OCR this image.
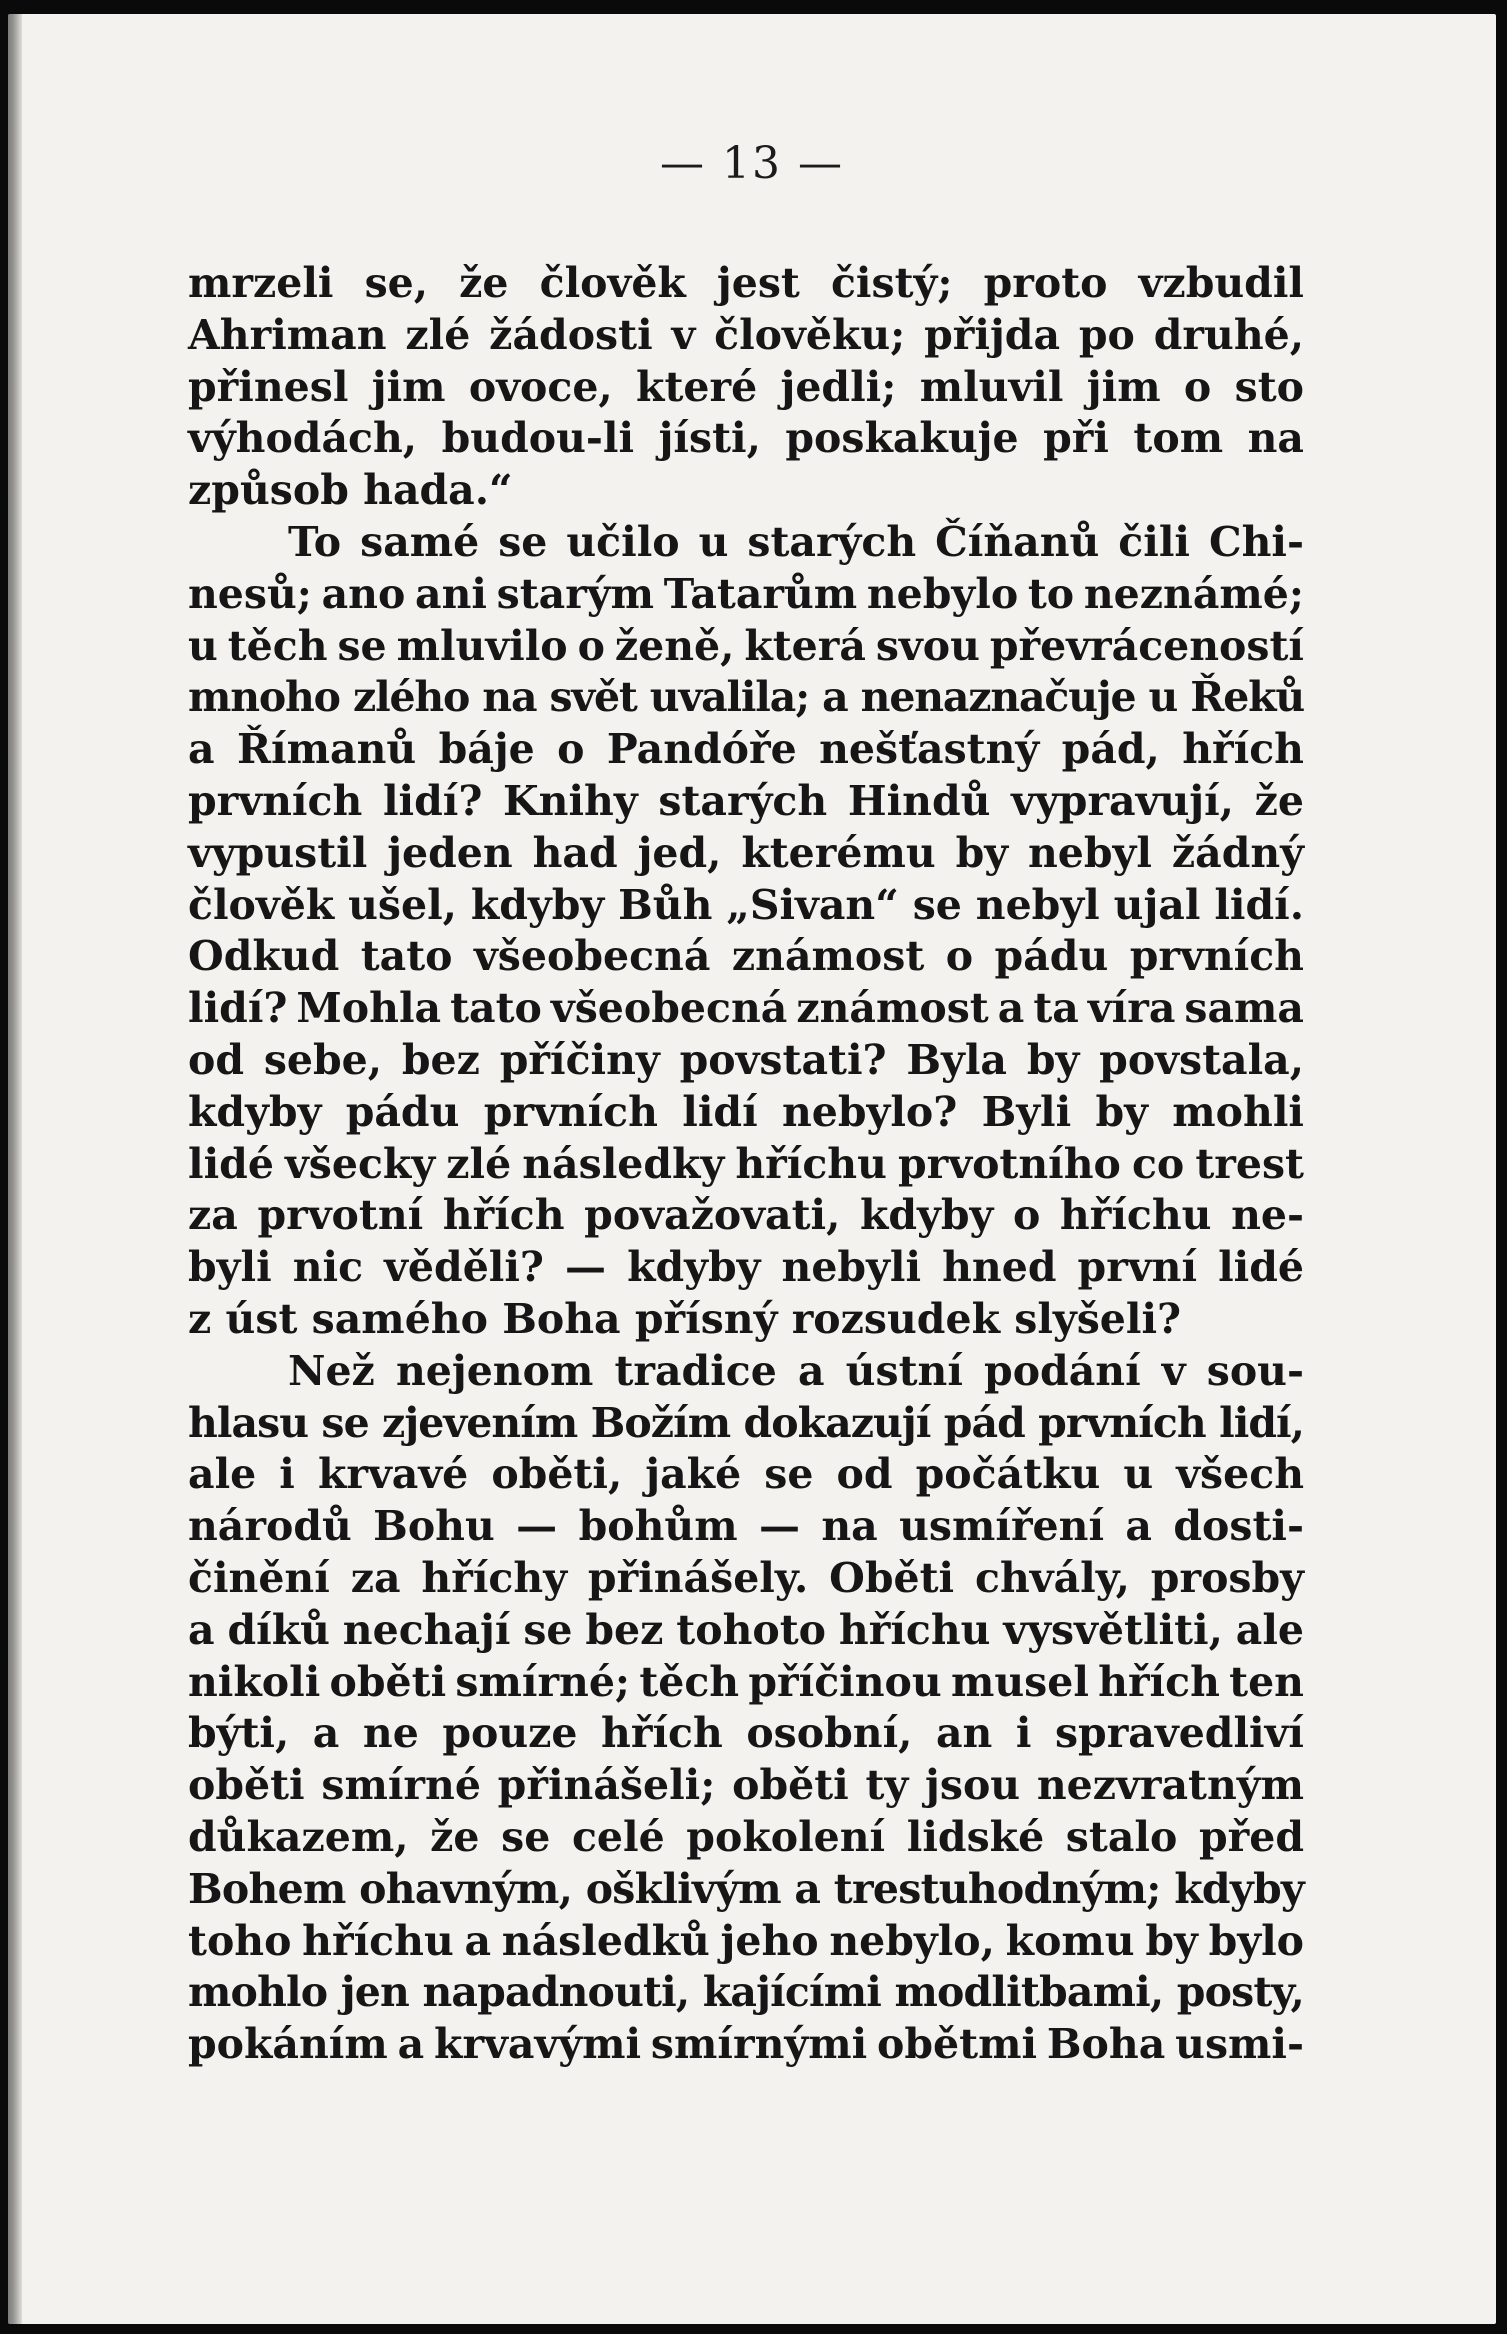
— 13 —
mrzeli se, že člověk jest čistý; proto vzbudil
Ahriman zlé žádosti v člověku; přijda po druhé,
přinesl jim ovoce, které jedli; mluvil jim o sto
výhodách, budou-li jísti, poskakuje při tom na
způsob hada.“
To samé se učilo u starých Číňanů čili Chi-
nesů; ano ani starým Tatarům nebylo to neznámé;
u těch se mluvilo o ženě, která svou převráceností
mnoho zlého na svět uvalila; a nenaznačuje u Řeků
a Římanů báje o Pandóře nešťastný pád, hřích
prvních lidí? Knihy starých Hindů vypravují, že
vypustil jeden had jed, kterému by nebyl žádný
člověk ušel, kdyby Bůh „Sivan“ se nebyl ujal lidí.
Odkud tato všeobecná známost o pádu prvních
lidí? Mohla tato všeobecná známost a ta víra sama
od sebe, bez příčiny povstati? Byla by povstala,
kdyby pádu prvních lidí nebylo? Byli by mohli
lidé všecky zlé následky hříchu prvotního co trest
za prvotní hřích považovati, kdyby o hříchu ne-
byli nic věděli? — kdyby nebyli hned první lidé
z úst samého Boha přísný rozsudek slyšeli?
Než nejenom tradice a ústní podání v sou-
hlasu se zjevením Božím dokazují pád prvních lidí,
ale i krvavé oběti, jaké se od počátku u všech
národů Bohu — bohům — na usmíření a dosti-
činění za hříchy přinášely. Oběti chvály, prosby
a díků nechají se bez tohoto hříchu vysvětliti, ale
nikoli oběti smírné; těch příčinou musel hřích ten
býti, a ne pouze hřích osobní, an i spravedliví
oběti smírné přinášeli; oběti ty jsou nezvratným
důkazem, že se celé pokolení lidské stalo před
Bohem ohavným, ošklivým a trestuhodným; kdyby
toho hříchu a následků jeho nebylo, komu by bylo
mohlo jen napadnouti, kajícími modlitbami, posty,
pokáním a krvavými smírnými obětmi Boha usmi-
